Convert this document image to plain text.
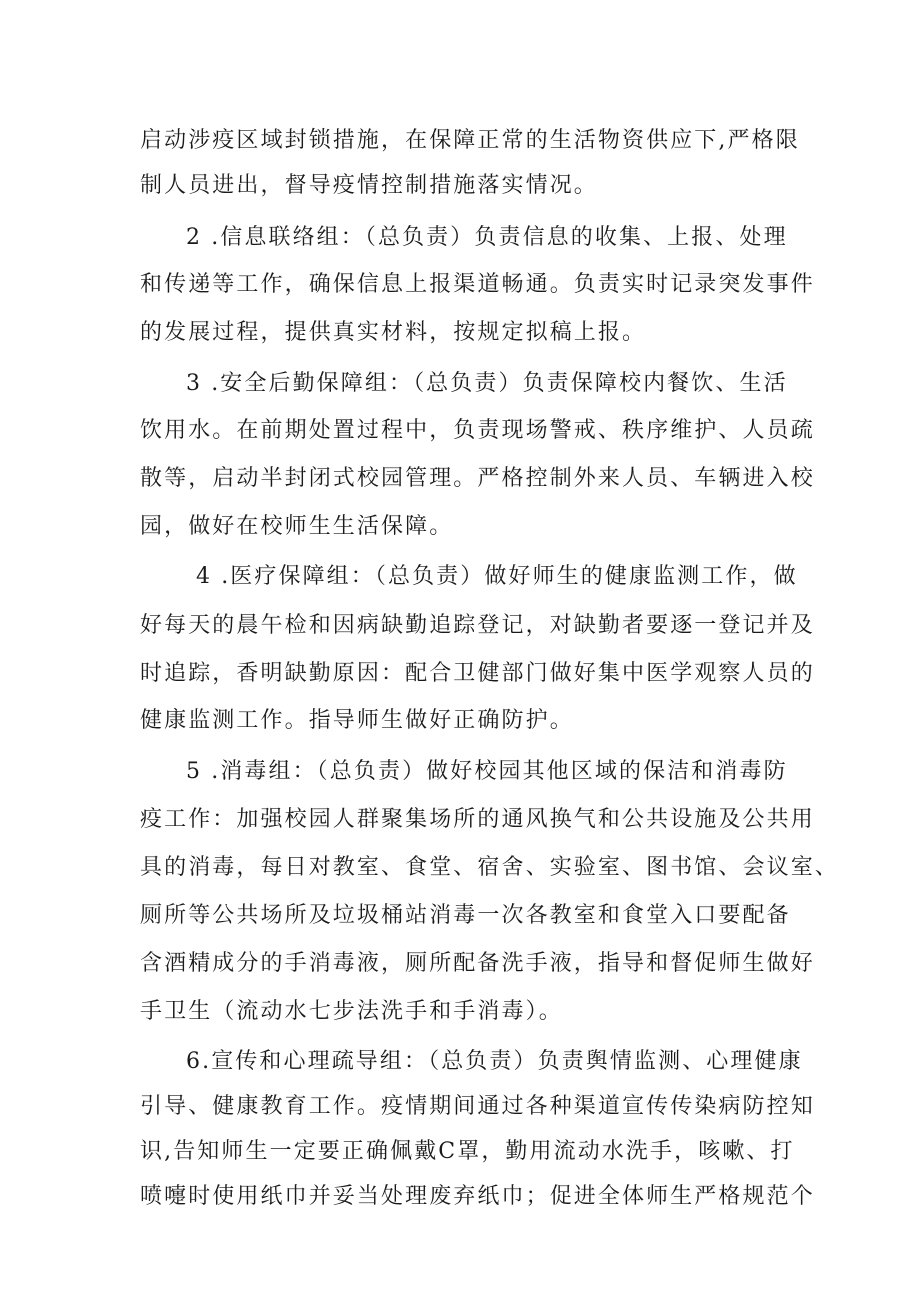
启动涉疫区域封锁措施，在保障正常的生活物资供应下,严格限
制人员进出，督导疫情控制措施落实情况。
2 .信息联络组：（总负责）负责信息的收集、上报、处理
和传递等工作，确保信息上报渠道畅通。负责实时记录突发事件
的发展过程，提供真实材料，按规定拟稿上报。
3 .安全后勤保障组：（总负责）负责保障校内餐饮、生活
饮用水。在前期处置过程中，负责现场警戒、秩序维护、人员疏
散等，启动半封闭式校园管理。严格控制外来人员、车辆进入校
园，做好在校师生生活保障。
4 .医疗保障组：（总负责）做好师生的健康监测工作，做
好每天的晨午检和因病缺勤追踪登记，对缺勤者要逐一登记并及
时追踪，香明缺勤原因：配合卫健部门做好集中医学观察人员的
健康监测工作。指导师生做好正确防护。
5 .消毒组：（总负责）做好校园其他区域的保洁和消毒防
疫工作：加强校园人群聚集场所的通风换气和公共设施及公共用
具的消毒，每日对教室、食堂、宿舍、实验室、图书馆、会议室、
厕所等公共场所及垃圾桶站消毒一次各教室和食堂入口要配备
含酒精成分的手消毒液，厕所配备洗手液，指导和督促师生做好
手卫生（流动水七步法洗手和手消毒）。
6.宣传和心理疏导组：（总负责）负责舆情监测、心理健康
引导、健康教育工作。疫情期间通过各种渠道宣传传染病防控知
识,告知师生一定要正确佩戴C罩，勤用流动水洗手，咳嗽、打
喷嚏时使用纸巾并妥当处理废弃纸巾；促进全体师生严格规范个
